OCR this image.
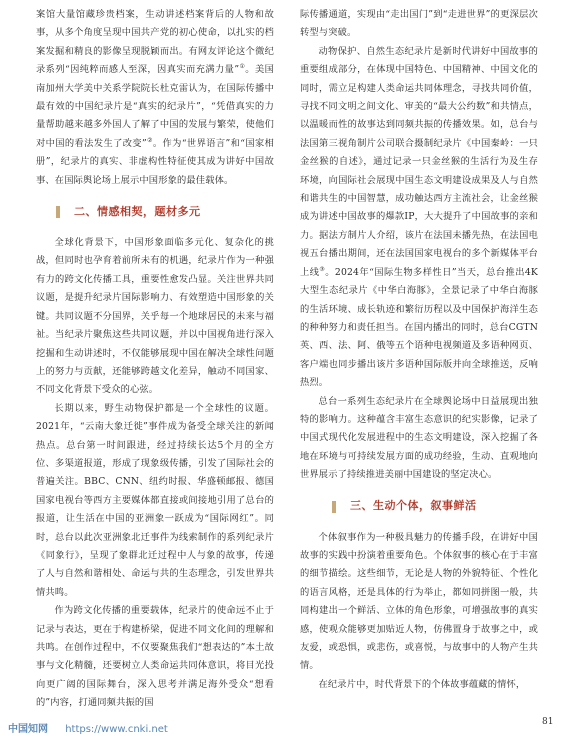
案馆大量馆藏珍贵档案，生动讲述档案背后的人物和故事，从多个角度呈现中国共产党的初心使命，以扎实的档案发掘和精良的影像呈现脱颖而出。有网友评论这个微纪录系列“因纯粹而感人至深，因真实而充满力量”①。美国南加州大学美中关系学院院长杜克雷认为，在国际传播中最有效的中国纪录片是“真实的纪录片”，“凭借真实的力量帮助越来越多外国人了解了中国的发展与繁荣，使他们对中国的看法发生了改变”②。作为“世界语言”和“国家相册”，纪录片的真实、非虚构性特征使其成为讲好中国故事、在国际舆论场上展示中国形象的最佳载体。

二、情感相契，题材多元

全球化背景下，中国形象面临多元化、复杂化的挑战，但同时也孕育着前所未有的机遇，纪录片作为一种强有力的跨文化传播工具，重要性愈发凸显。关注世界共同议题，是提升纪录片国际影响力、有效塑造中国形象的关键。共同议题不分国界，关乎每一个地球居民的未来与福祉。当纪录片聚焦这些共同议题，并以中国视角进行深入挖掘和生动讲述时，不仅能够展现中国在解决全球性问题上的努力与贡献，还能够跨越文化差异，触动不同国家、不同文化背景下受众的心弦。

长期以来，野生动物保护都是一个全球性的议题。2021年，“云南大象迁徙”事件成为备受全球关注的新闻热点。总台第一时间跟进，经过持续长达5个月的全方位、多渠道报道，形成了现象级传播，引发了国际社会的普遍关注。BBC、CNN、纽约时报、华盛顿邮报、德国国家电视台等西方主要媒体都直接或间接地引用了总台的报道，让生活在中国的亚洲象一跃成为“国际网红”。同时，总台以此次亚洲象北迁事件为线索制作的系列纪录片《同象行》，呈现了象群北迁过程中人与象的故事，传递了人与自然和谐相处、命运与共的生态理念，引发世界共情共鸣。

作为跨文化传播的重要载体，纪录片的使命远不止于记录与表达，更在于构建桥梁，促进不同文化间的理解和共鸣。在创作过程中，不仅要聚焦我们“想表达的”本土故事与文化精髓，还要树立人类命运共同体意识，将目光投向更广阔的国际舞台，深入思考并满足海外受众“想看的”内容，打通同频共振的国

际传播通道，实现由“走出国门”到“走进世界”的更深层次转型与突破。

动物保护、自然生态纪录片是新时代讲好中国故事的重要组成部分，在体现中国特色、中国精神、中国文化的同时，需立足构建人类命运共同体理念，寻找共同价值，寻找不同文明之间文化、审美的“最大公约数”和共情点，以温暖而性的故事达到同频共振的传播效果。如，总台与法国第三视角制片公司联合摄制纪录片《中国秦岭：一只金丝猴的自述》，通过记录一只金丝猴的生活行为及生存环境，向国际社会展现中国生态文明建设成果及人与自然和谐共生的中国智慧，成功触达西方主流社会，让金丝猴成为讲述中国故事的爆款IP，大大提升了中国故事的亲和力。据法方制片人介绍，该片在法国未播先热，在法国电视五台播出期间，还在法国国家电视台的多个新媒体平台上线③。2024年“国际生物多样性日”当天，总台推出4K大型生态纪录片《中华白海豚》，全景记录了中华白海豚的生活环境、成长轨迹和繁衍历程以及中国保护海洋生态的种种努力和责任担当。在国内播出的同时，总台CGTN英、西、法、阿、俄等五个语种电视频道及多语种网页、客户端也同步播出该片多语种国际版并向全球推送，反响热烈。

总台一系列生态纪录片在全球舆论场中日益展现出独特的影响力。这种蕴含丰富生态意识的纪实影像，记录了中国式现代化发展进程中的生态文明建设，深入挖掘了各地在环境与可持续发展方面的成功经验，生动、直观地向世界展示了持续推进美丽中国建设的坚定决心。

三、生动个体，叙事鲜活

个体叙事作为一种极具魅力的传播手段，在讲好中国故事的实践中扮演着重要角色。个体叙事的核心在于丰富的细节描绘。这些细节，无论是人物的外貌特征、个性化的语言风格，还是具体的行为举止，都如同拼图一般，共同构建出一个鲜活、立体的角色形象，可增强故事的真实感，使观众能够更加贴近人物，仿佛置身于故事之中，或友爱，或恐惧，或悲伤，或喜悦，与故事中的人物产生共情。

在纪录片中，时代背景下的个体故事蕴藏的情怀，

中国知网 https://www.cnki.net
81
